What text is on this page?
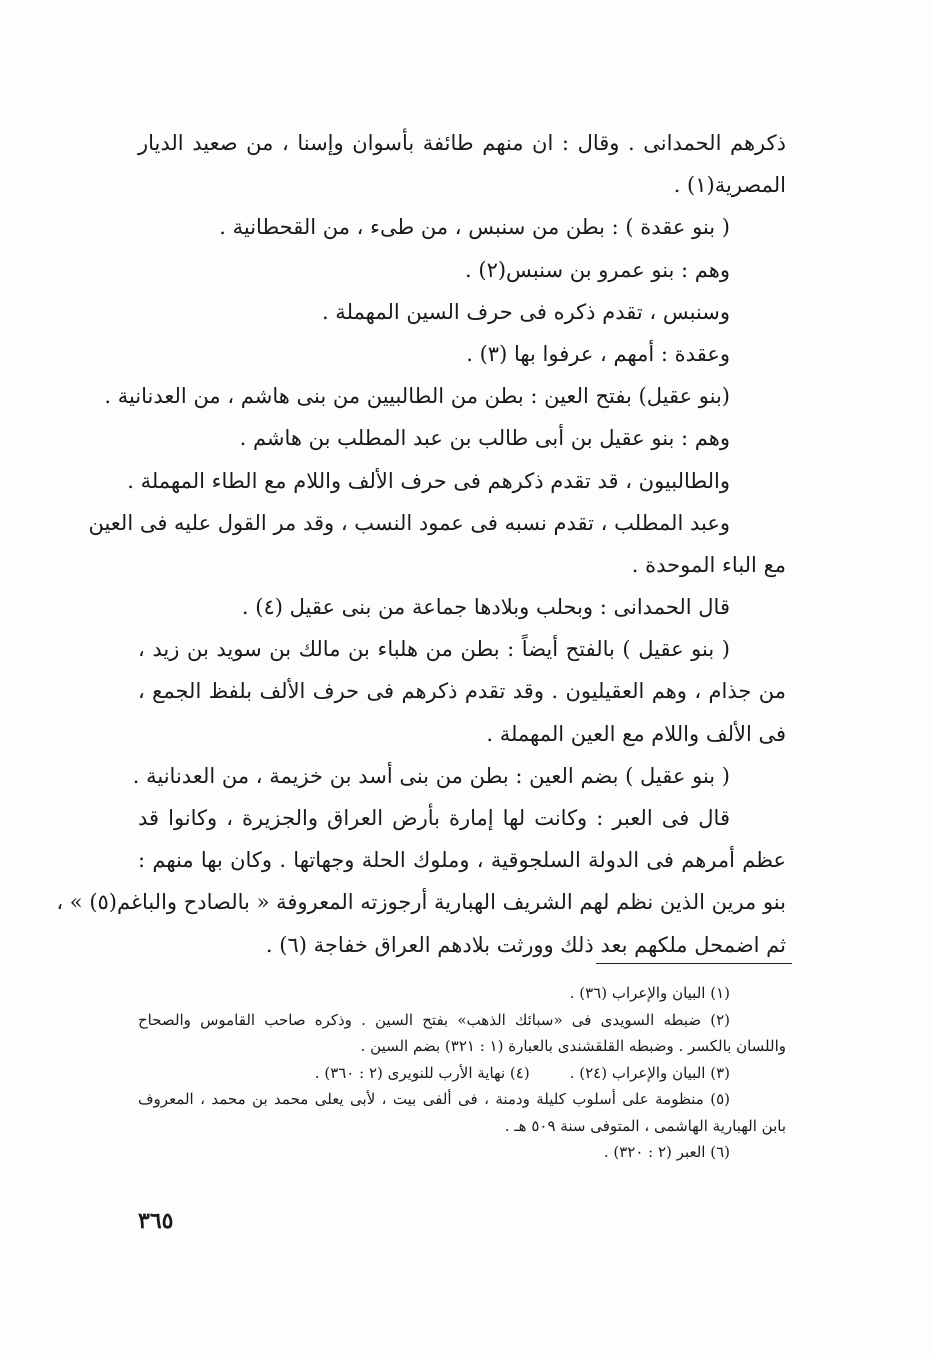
ذكرهم الحمدانى . وقال : ان منهم طائفة بأسوان وإسنا ، من صعيد الديار
المصرية(١) .
( بنو عقدة ) : بطن من سنبس ، من طىء ، من القحطانية .
وهم : بنو عمرو بن سنبس(٢) .
وسنبس ، تقدم ذكره فى حرف السين المهملة .
وعقدة : أمهم ، عرفوا بها (٣) .
(بنو عقيل) بفتح العين : بطن من الطالبيين من بنى هاشم ، من العدنانية .
وهم : بنو عقيل بن أبى طالب بن عبد المطلب بن هاشم .
والطالبيون ، قد تقدم ذكرهم فى حرف الألف واللام مع الطاء المهملة .
وعبد المطلب ، تقدم نسبه فى عمود النسب ، وقد مر القول عليه فى العين
مع الباء الموحدة .
قال الحمدانى : وبحلب وبلادها جماعة من بنى عقيل (٤) .
( بنو عقيل ) بالفتح أيضاً : بطن من هلباء بن مالك بن سويد بن زيد ،
من جذام ، وهم العقيليون . وقد تقدم ذكرهم فى حرف الألف بلفظ الجمع ،
فى الألف واللام مع العين المهملة .
( بنو عقيل ) بضم العين : بطن من بنى أسد بن خزيمة ، من العدنانية .
قال فى العبر : وكانت لها إمارة بأرض العراق والجزيرة ، وكانوا قد
عظم أمرهم فى الدولة السلجوقية ، وملوك الحلة وجهاتها . وكان بها منهم :
بنو مرين الذين نظم لهم الشريف الهبارية أرجوزته المعروفة « بالصادح والباغم(٥) » ،
ثم اضمحل ملكهم بعد ذلك وورثت بلادهم العراق خفاجة (٦) .
(١) البيان والإعراب (٣٦) .
(٢) ضبطه السويدى فى «سبائك الذهب» بفتح السين . وذكره صاحب القاموس والصحاح
واللسان بالكسر . وضبطه القلقشندى بالعبارة (١ : ٣٢١) بضم السين .
(٣) البيان والإعراب (٢٤) .
(٤) نهاية الأرب للنويرى (٢ : ٣٦٠) .
(٥) منظومة على أسلوب كليلة ودمنة ، فى ألفى بيت ، لأبى يعلى محمد بن محمد ، المعروف
بابن الهبارية الهاشمى ، المتوفى سنة ٥٠٩ هـ .
(٦) العبر (٢ : ٣٢٠) .
٣٦٥
